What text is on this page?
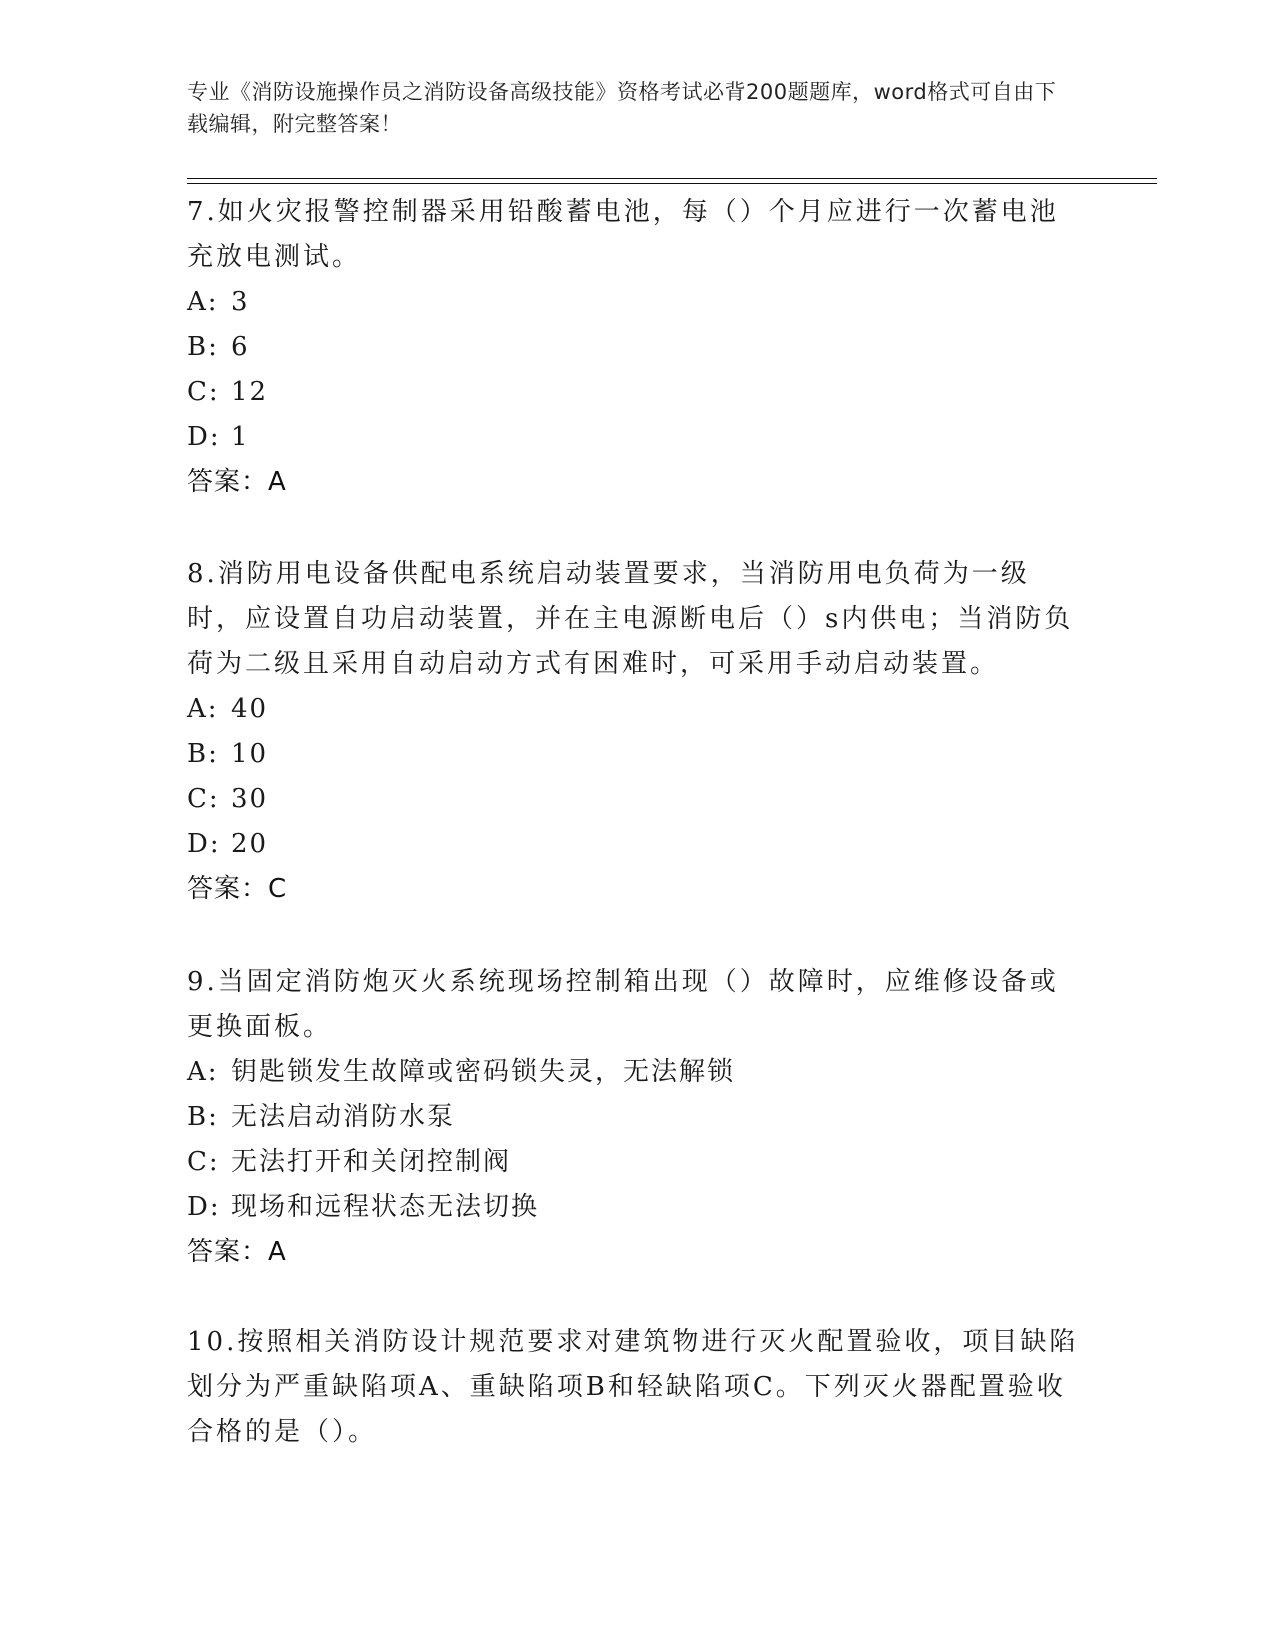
专业《消防设施操作员之消防设备高级技能》资格考试必背200题题库，word格式可自由下载编辑，附完整答案！

7.如火灾报警控制器采用铅酸蓄电池，每（）个月应进行一次蓄电池充放电测试。

A: 3

B: 6

C: 12

D: 1

答案：A

8.消防用电设备供配电系统启动装置要求，当消防用电负荷为一级时，应设置自功启动装置，并在主电源断电后（）s内供电；当消防负荷为二级且采用自动启动方式有困难时，可采用手动启动装置。

A: 40

B: 10

C: 30

D: 20

答案：C

9.当固定消防炮灭火系统现场控制箱出现（）故障时，应维修设备或更换面板。

A: 钥匙锁发生故障或密码锁失灵，无法解锁

B: 无法启动消防水泵

C: 无法打开和关闭控制阀

D: 现场和远程状态无法切换

答案：A

10.按照相关消防设计规范要求对建筑物进行灭火配置验收，项目缺陷划分为严重缺陷项A、重缺陷项B和轻缺陷项C。下列灭火器配置验收合格的是（）。
